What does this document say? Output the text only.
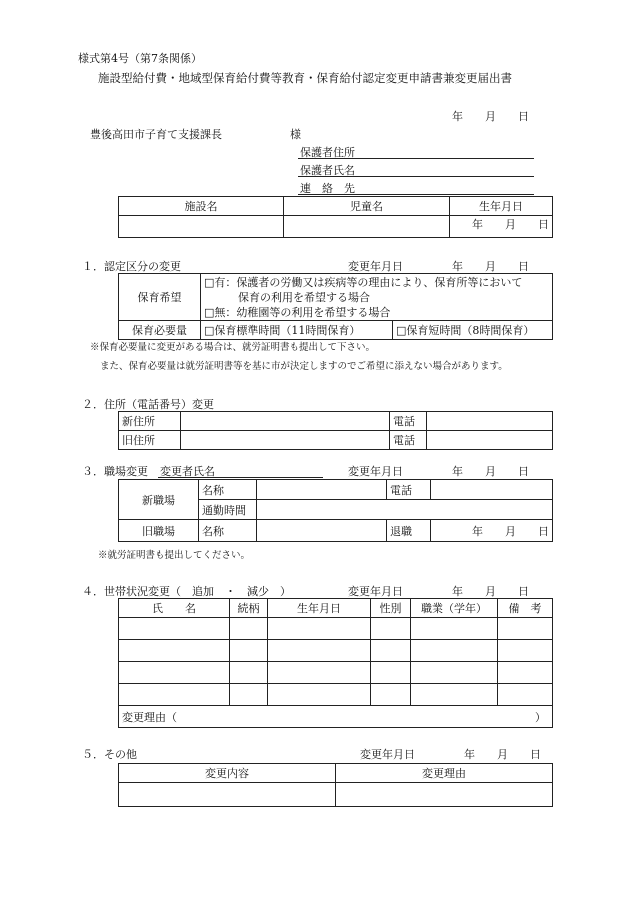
様式第4号（第7条関係）
施設型給付費・地域型保育給付費等教育・保育給付認定変更申請書兼変更届出書
年　　月　　日
豊後高田市子育て支援課長	様
保護者住所
保護者氏名
連　絡　先
施設名	児童名	生年月日
		年　　月　　日
１．認定区分の変更	変更年月日	年　　月　　日
保育希望	□有：保護者の労働又は疾病等の理由により、保育所等において
保育の利用を希望する場合
□無：幼稚園等の利用を希望する場合	

保育必要量	□保育標準時間（11時間保育）	□保育短時間（8時間保育）
※保育必要量に変更がある場合は、就労証明書も提出して下さい。
また、保育必要量は就労証明書等を基に市が決定しますのでご希望に添えない場合があります。
２．住所（電話番号）変更
新住所		電話	
旧住所		電話	
３．職場変更 変更者氏名	変更年月日	年　　月　　日
新職場	名称		電話	
	通勤時間			
旧職場	名称		退職	年　　月　　日
※就労証明書も提出してください。
４．世帯状況変更（　追加　・　減少　）	変更年月日	年　　月　　日
氏　　名	続柄	生年月日	性別	職業（学年）	備　考

変更理由（ ）					
５．その他	変更年月日	年　　月　　日
変更内容	変更理由
